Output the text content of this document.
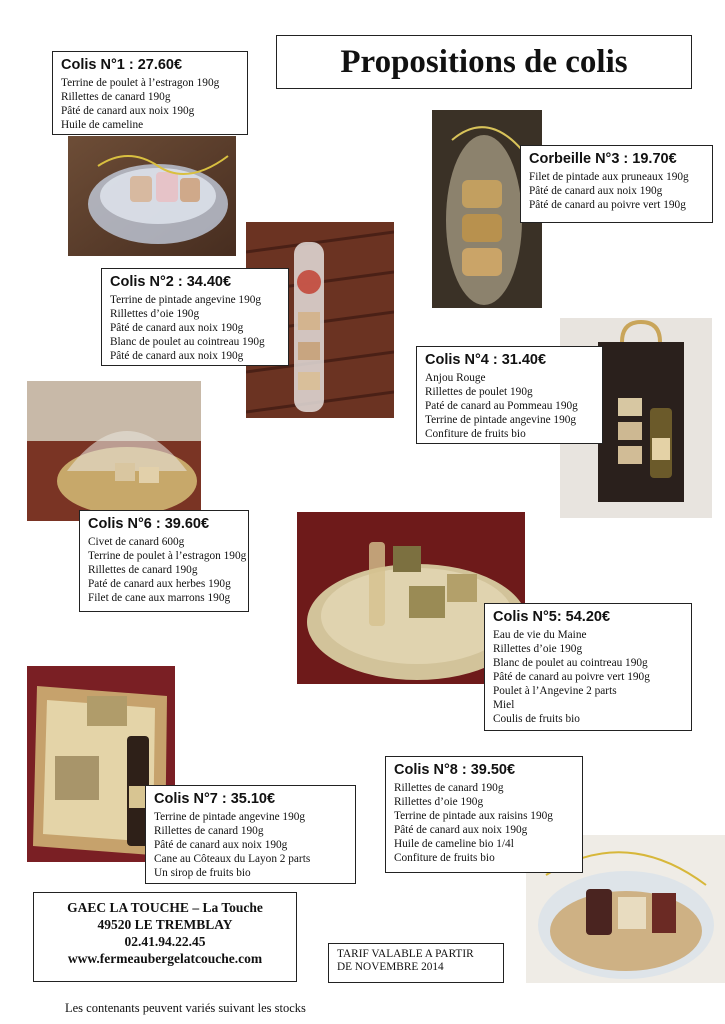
Propositions de colis
Colis N°1 : 27.60€
Terrine de poulet à l’estragon 190g
Rillettes de canard 190g
Pâté de canard aux noix 190g
Huile de cameline
Colis N°2 : 34.40€
Terrine de pintade angevine 190g
Rillettes d’oie 190g
Pâté de canard aux noix 190g
Blanc de poulet au cointreau 190g
Pâté de canard aux noix 190g
Corbeille N°3 : 19.70€
Filet de pintade aux pruneaux 190g
Pâté de canard aux noix 190g
Pâté de canard au poivre vert 190g
Colis N°4 : 31.40€
Anjou Rouge
Rillettes de poulet 190g
Paté de canard au Pommeau 190g
Terrine de pintade angevine 190g
Confiture de fruits bio
Colis N°6 : 39.60€
Civet de canard 600g
Terrine de poulet à l’estragon 190g
Rillettes de canard 190g
Paté de canard aux herbes 190g
Filet de cane aux marrons 190g
Colis N°5: 54.20€
Eau de vie du Maine
Rillettes d’oie 190g
Blanc de poulet au cointreau 190g
Pâté de canard au poivre vert 190g
Poulet à l’Angevine 2 parts
Miel
Coulis de fruits bio
Colis N°8 : 39.50€
Rillettes de canard 190g
Rillettes d’oie 190g
Terrine de pintade aux raisins 190g
Pâté de canard aux noix 190g
Huile de cameline bio 1/4l
Confiture de fruits bio
Colis N°7 : 35.10€
Terrine de pintade angevine 190g
Rillettes de canard 190g
Pâté de canard aux noix 190g
Cane au Côteaux du Layon 2 parts
Un sirop de fruits bio
GAEC LA TOUCHE – La Touche
49520 LE TREMBLAY
02.41.94.22.45
www.fermeaubergelatcouche.com	TARIF VALABLE A PARTIR
DE NOVEMBRE 2014
Les contenants peuvent variés suivant les stocks
